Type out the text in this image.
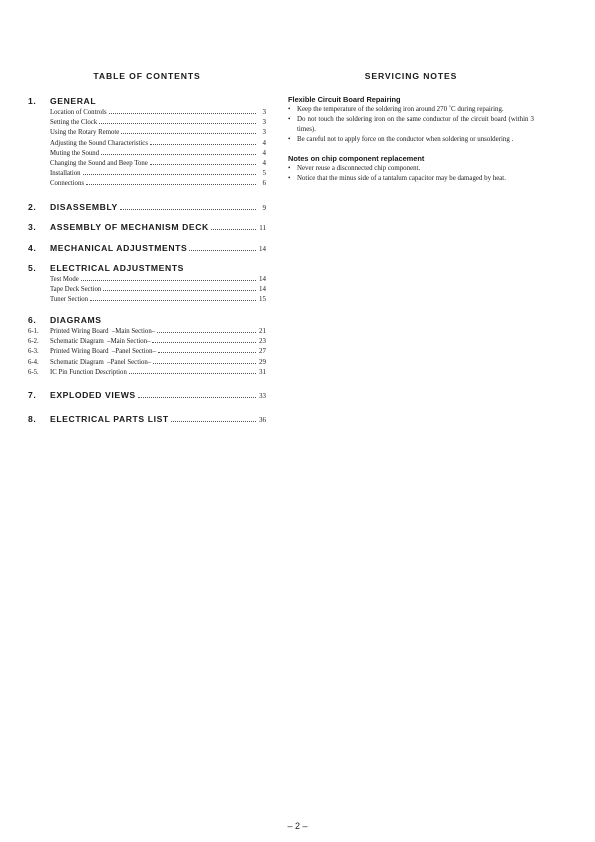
TABLE OF CONTENTS

1.	GENERAL
Location of Controls	3
Setting the Clock	3
Using the Rotary Remote	3
Adjusting the Sound Characteristics	4
Muting the Sound	4
Changing the Sound and Beep Tone	4
Installation	5
Connections	6
2.	DISASSEMBLY	9
3.	ASSEMBLY OF MECHANISM DECK	11
4.	MECHANICAL ADJUSTMENTS	14
5.	ELECTRICAL ADJUSTMENTS
Test Mode	14
Tape Deck Section	14
Tuner Section	15
6.	DIAGRAMS
6-1.	Printed Wiring Board  –Main Section–	21
6-2.	Schematic Diagram  –Main Section–	23
6-3.	Printed Wiring Board  –Panel Section–	27
6-4.	Schematic Diagram  –Panel Section–	29
6-5.	IC Pin Function Description	31
7.	EXPLODED VIEWS	33
8.	ELECTRICAL PARTS LIST	36

SERVICING NOTES

Flexible Circuit Board Repairing

• Keep the temperature of the soldering iron around 270 ˚C during repairing.
• Do not touch the soldering iron on the same conductor of the circuit board (within 3 times).
• Be careful not to apply force on the conductor when soldering or unsoldering .

Notes on chip component replacement

• Never reuse a disconnected chip component.
• Notice that the minus side of a tantalum capacitor may be damaged by heat.
– 2 –
